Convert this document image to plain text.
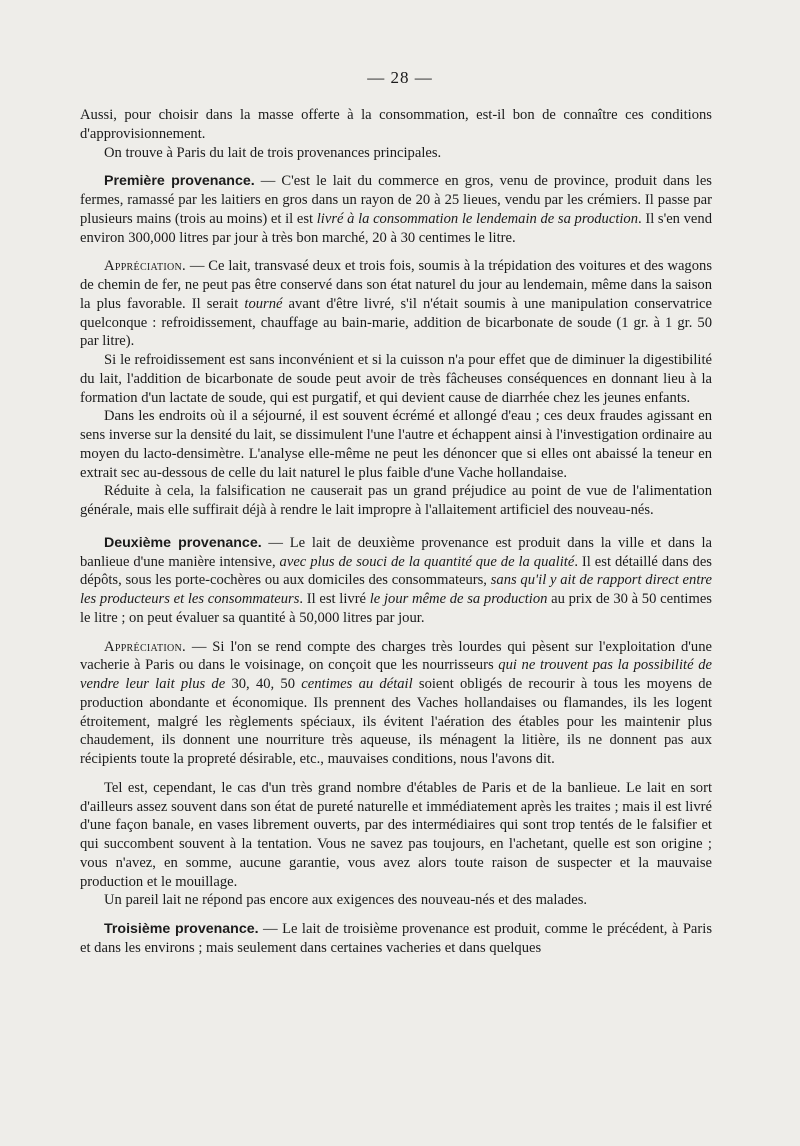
— 28 —

Aussi, pour choisir dans la masse offerte à la consommation, est-il bon de connaître ces conditions d'approvisionnement.

On trouve à Paris du lait de trois provenances principales.

Première provenance. — C'est le lait du commerce en gros, venu de province, produit dans les fermes, ramassé par les laitiers en gros dans un rayon de 20 à 25 lieues, vendu par les crémiers. Il passe par plusieurs mains (trois au moins) et il est livré à la consommation le lendemain de sa production. Il s'en vend environ 300,000 litres par jour à très bon marché, 20 à 30 centimes le litre.

Appréciation. — Ce lait, transvasé deux et trois fois, soumis à la trépidation des voitures et des wagons de chemin de fer, ne peut pas être conservé dans son état naturel du jour au lendemain, même dans la saison la plus favorable. Il serait tourné avant d'être livré, s'il n'était soumis à une manipulation conservatrice quelconque : refroidissement, chauffage au bain-marie, addition de bicarbonate de soude (1 gr. à 1 gr. 50 par litre).

Si le refroidissement est sans inconvénient et si la cuisson n'a pour effet que de diminuer la digestibilité du lait, l'addition de bicarbonate de soude peut avoir de très fâcheuses conséquences en donnant lieu à la formation d'un lactate de soude, qui est purgatif, et qui devient cause de diarrhée chez les jeunes enfants.

Dans les endroits où il a séjourné, il est souvent écrémé et allongé d'eau ; ces deux fraudes agissant en sens inverse sur la densité du lait, se dissimulent l'une l'autre et échappent ainsi à l'investigation ordinaire au moyen du lacto-densimètre. L'analyse elle-même ne peut les dénoncer que si elles ont abaissé la teneur en extrait sec au-dessous de celle du lait naturel le plus faible d'une Vache hollandaise.

Réduite à cela, la falsification ne causerait pas un grand préjudice au point de vue de l'alimentation générale, mais elle suffirait déjà à rendre le lait impropre à l'allaitement artificiel des nouveau-nés.

Deuxième provenance. — Le lait de deuxième provenance est produit dans la ville et dans la banlieue d'une manière intensive, avec plus de souci de la quantité que de la qualité. Il est détaillé dans des dépôts, sous les porte-cochères ou aux domiciles des consommateurs, sans qu'il y ait de rapport direct entre les producteurs et les consommateurs. Il est livré le jour même de sa production au prix de 30 à 50 centimes le litre ; on peut évaluer sa quantité à 50,000 litres par jour.

Appréciation. — Si l'on se rend compte des charges très lourdes qui pèsent sur l'exploitation d'une vacherie à Paris ou dans le voisinage, on conçoit que les nourrisseurs qui ne trouvent pas la possibilité de vendre leur lait plus de 30, 40, 50 centimes au détail soient obligés de recourir à tous les moyens de production abondante et économique. Ils prennent des Vaches hollandaises ou flamandes, ils les logent étroitement, malgré les règlements spéciaux, ils évitent l'aération des étables pour les maintenir plus chaudement, ils donnent une nourriture très aqueuse, ils ménagent la litière, ils ne donnent pas aux récipients toute la propreté désirable, etc., mauvaises conditions, nous l'avons dit.

Tel est, cependant, le cas d'un très grand nombre d'étables de Paris et de la banlieue. Le lait en sort d'ailleurs assez souvent dans son état de pureté naturelle et immédiatement après les traites ; mais il est livré d'une façon banale, en vases librement ouverts, par des intermédiaires qui sont trop tentés de le falsifier et qui succombent souvent à la tentation. Vous ne savez pas toujours, en l'achetant, quelle est son origine ; vous n'avez, en somme, aucune garantie, vous avez alors toute raison de suspecter et la mauvaise production et le mouillage.

Un pareil lait ne répond pas encore aux exigences des nouveau-nés et des malades.

Troisième provenance. — Le lait de troisième provenance est produit, comme le précédent, à Paris et dans les environs ; mais seulement dans certaines vacheries et dans quelques
